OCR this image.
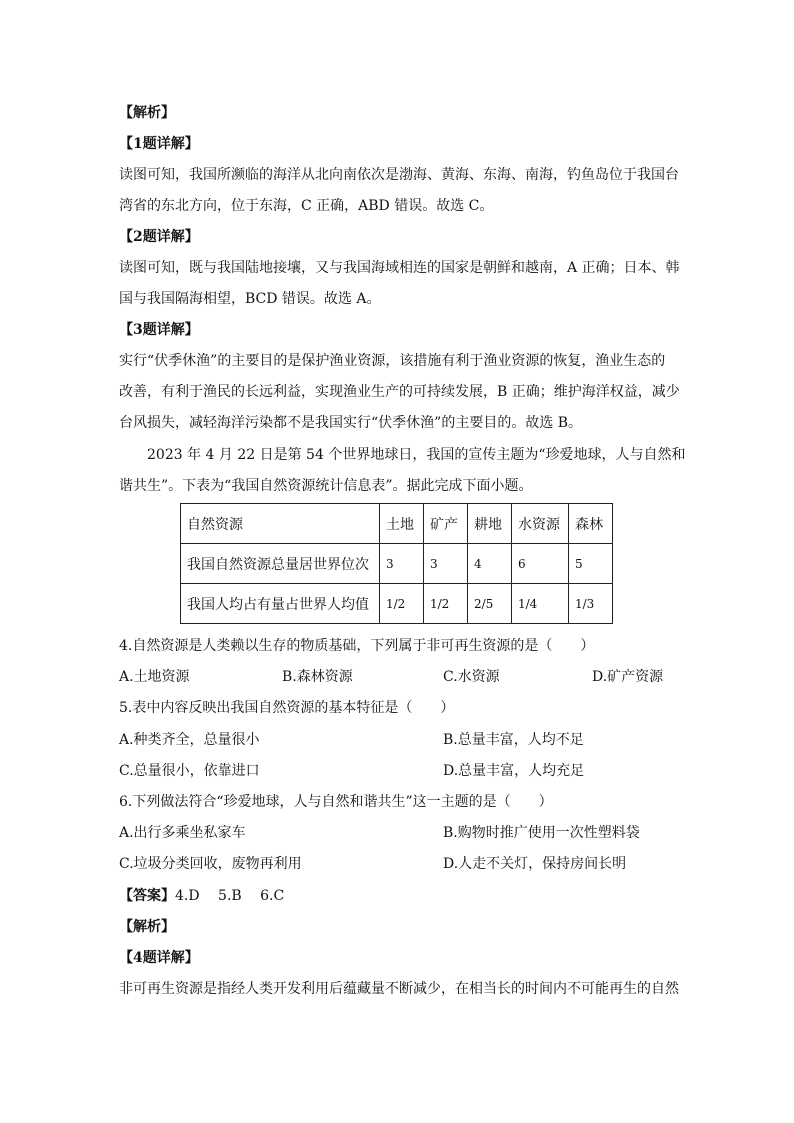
【解析】
【1题详解】
读图可知，我国所濒临的海洋从北向南依次是渤海、黄海、东海、南海，钓鱼岛位于我国台
湾省的东北方向，位于东海，C 正确，ABD 错误。故选 C。
【2题详解】
读图可知，既与我国陆地接壤，又与我国海域相连的国家是朝鲜和越南，A 正确；日本、韩
国与我国隔海相望，BCD 错误。故选 A。
【3题详解】
实行“伏季休渔”的主要目的是保护渔业资源，该措施有利于渔业资源的恢复，渔业生态的
改善，有利于渔民的长远利益，实现渔业生产的可持续发展，B 正确；维护海洋权益，减少
台风损失，减轻海洋污染都不是我国实行“伏季休渔”的主要目的。故选 B。
2023 年 4 月 22 日是第 54 个世界地球日，我国的宣传主题为“珍爱地球，人与自然和
谐共生”。下表为“我国自然资源统计信息表”。据此完成下面小题。
自然资源	土地	矿产	耕地	水资源	森林
我国自然资源总量居世界位次	3	3	4	6	5
我国人均占有量占世界人均值	1/2	1/2	2/5	1/4	1/3
4.自然资源是人类赖以生存的物质基础，下列属于非可再生资源的是（　　）
A.土地资源	B.森林资源	C.水资源	D.矿产资源
5.表中内容反映出我国自然资源的基本特征是（　　）
A.种类齐全，总量很小	B.总量丰富，人均不足
C.总量很小，依靠进口	D.总量丰富，人均充足
6.下列做法符合“珍爱地球，人与自然和谐共生”这一主题的是（　　）
A.出行多乘坐私家车	B.购物时推广使用一次性塑料袋
C.垃圾分类回收，废物再利用	D.人走不关灯，保持房间长明
【答案】4.D　 5.B　 6.C
【解析】
【4题详解】
非可再生资源是指经人类开发利用后蕴藏量不断减少，在相当长的时间内不可能再生的自然
